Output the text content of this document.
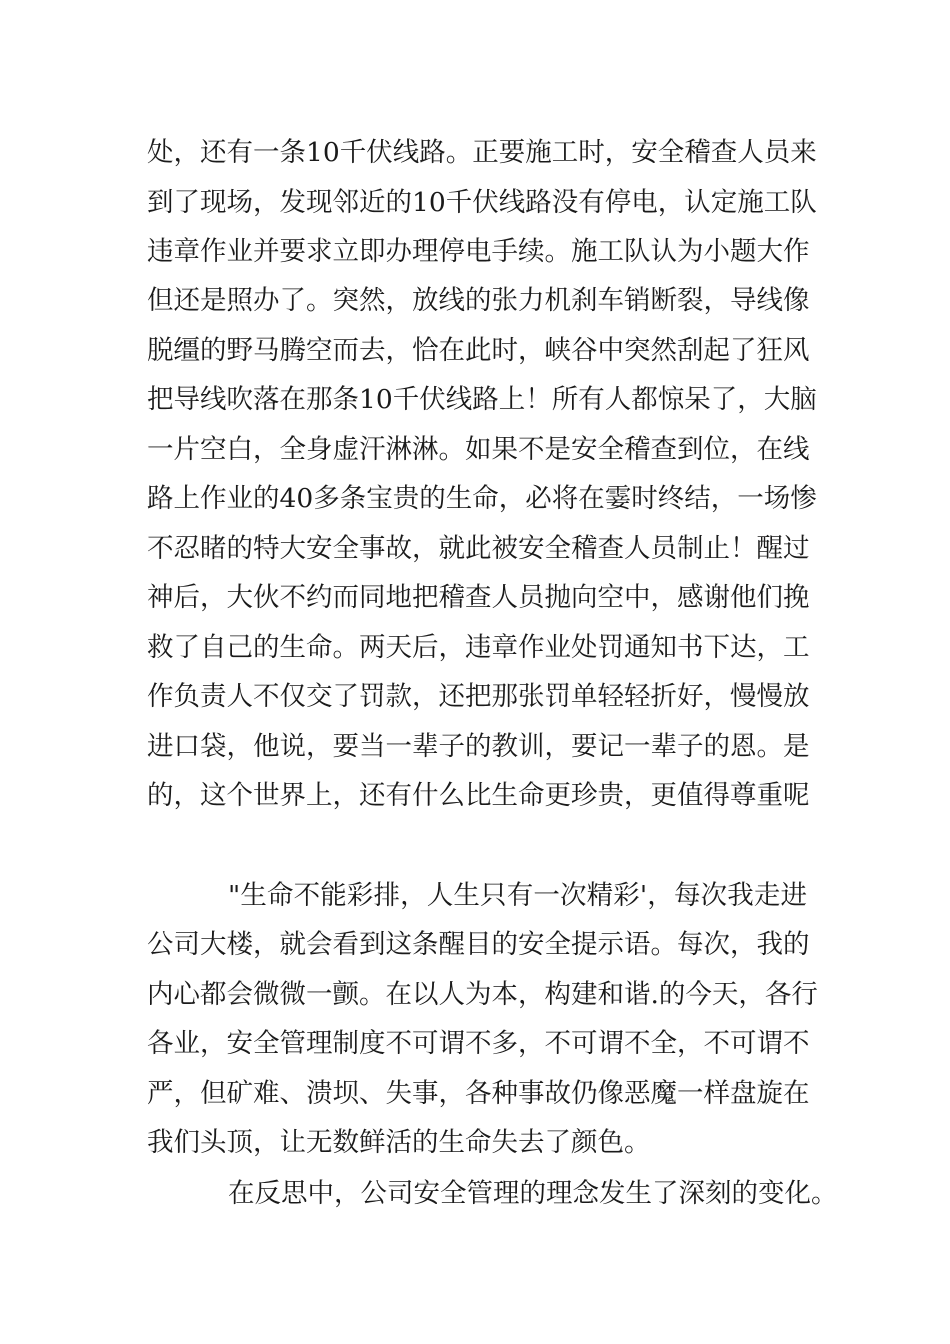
处，还有一条10千伏线路。正要施工时，安全稽查人员来
到了现场，发现邻近的10千伏线路没有停电，认定施工队
违章作业并要求立即办理停电手续。施工队认为小题大作
但还是照办了。突然，放线的张力机刹车销断裂，导线像
脱缰的野马腾空而去，恰在此时，峡谷中突然刮起了狂风
把导线吹落在那条10千伏线路上！所有人都惊呆了，大脑
一片空白，全身虚汗淋淋。如果不是安全稽查到位，在线
路上作业的40多条宝贵的生命，必将在霎时终结，一场惨
不忍睹的特大安全事故，就此被安全稽查人员制止！醒过
神后，大伙不约而同地把稽查人员抛向空中，感谢他们挽
救了自己的生命。两天后，违章作业处罚通知书下达，工
作负责人不仅交了罚款，还把那张罚单轻轻折好，慢慢放
进口袋，他说，要当一辈子的教训，要记一辈子的恩。是
的，这个世界上，还有什么比生命更珍贵，更值得尊重呢
"生命不能彩排，人生只有一次精彩'，每次我走进
公司大楼，就会看到这条醒目的安全提示语。每次，我的
内心都会微微一颤。在以人为本，构建和谐.的今天，各行
各业，安全管理制度不可谓不多，不可谓不全，不可谓不
严，但矿难、溃坝、失事，各种事故仍像恶魔一样盘旋在
我们头顶，让无数鲜活的生命失去了颜色。
在反思中，公司安全管理的理念发生了深刻的变化。
